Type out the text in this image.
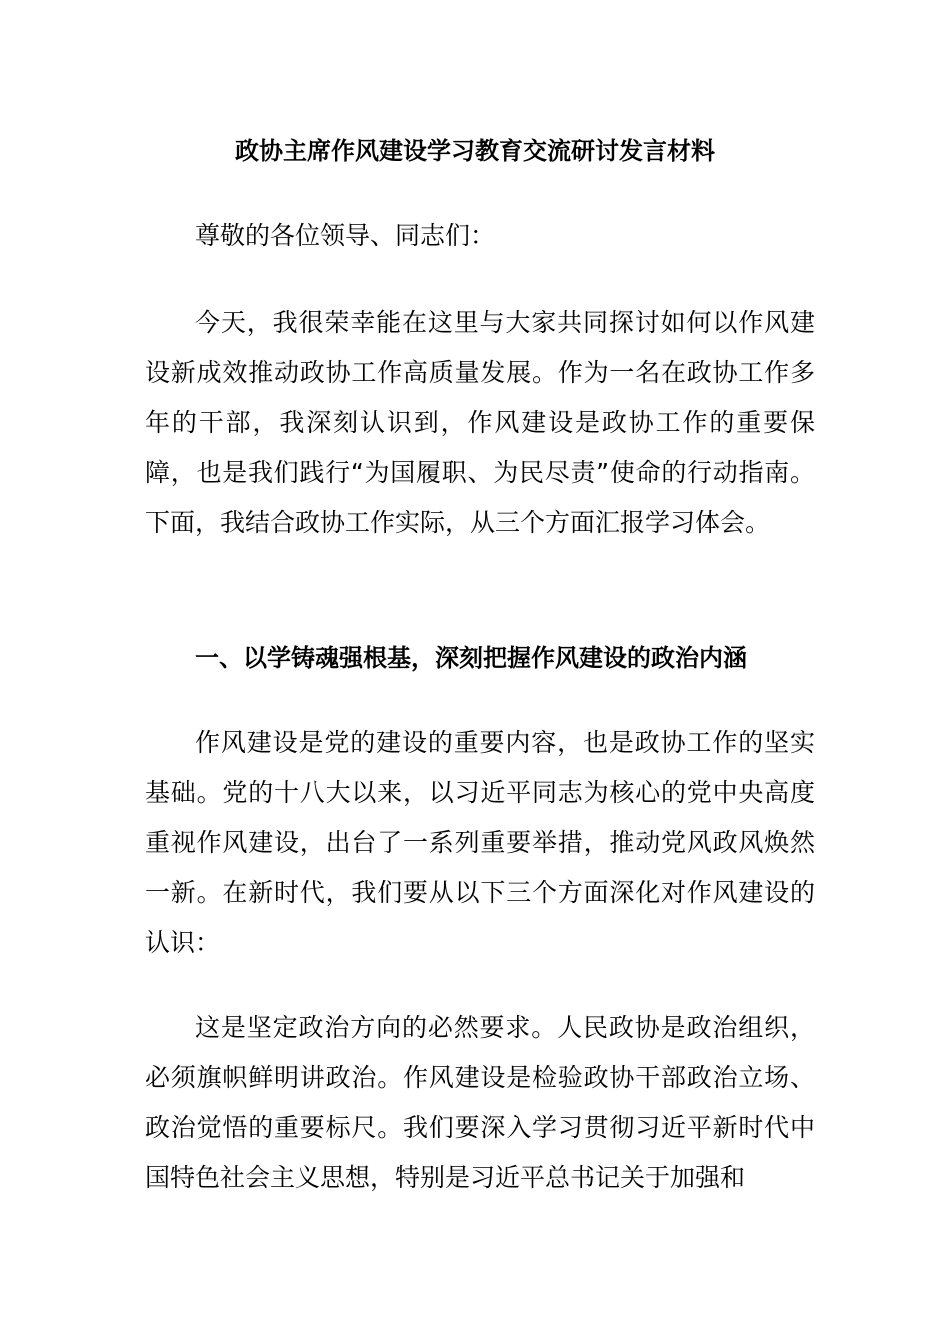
政协主席作风建设学习教育交流研讨发言材料
尊敬的各位领导、同志们：
今天，我很荣幸能在这里与大家共同探讨如何以作风建设新成效推动政协工作高质量发展。作为一名在政协工作多年的干部，我深刻认识到，作风建设是政协工作的重要保障，也是我们践行“为国履职、为民尽责”使命的行动指南。下面，我结合政协工作实际，从三个方面汇报学习体会。
一、以学铸魂强根基，深刻把握作风建设的政治内涵
作风建设是党的建设的重要内容，也是政协工作的坚实基础。党的十八大以来，以习近平同志为核心的党中央高度重视作风建设，出台了一系列重要举措，推动党风政风焕然一新。在新时代，我们要从以下三个方面深化对作风建设的认识：
这是坚定政治方向的必然要求。人民政协是政治组织，必须旗帜鲜明讲政治。作风建设是检验政协干部政治立场、政治觉悟的重要标尺。我们要深入学习贯彻习近平新时代中国特色社会主义思想，特别是习近平总书记关于加强和
